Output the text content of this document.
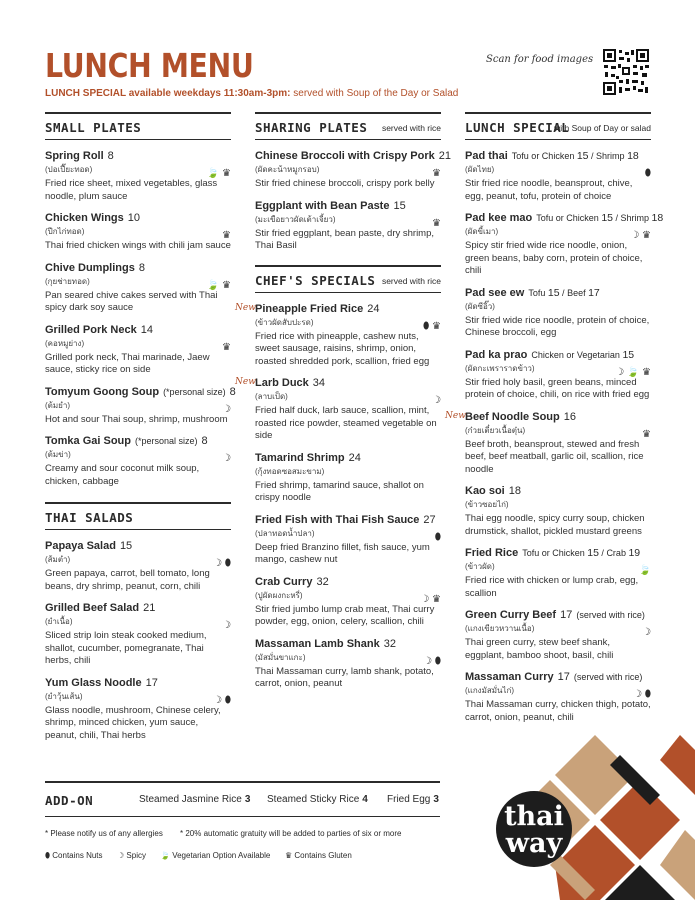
LUNCH MENU
LUNCH SPECIAL available weekdays 11:30am-3pm: served with Soup of the Day or Salad
Scan for food images
SMALL PLATES
Spring Roll 8
(ปอเปี๊ยะทอด)
Fried rice sheet, mixed vegetables, glass noodle, plum sauce
🍃 ♛
Chicken Wings 10
(ปีกไก่ทอด)
Thai fried chicken wings with chili jam sauce
♛
Chive Dumplings 8
(กุยช่ายทอด)
Pan seared chive cakes served with Thai spicy dark soy sauce
🍃 ♛
Grilled Pork Neck 14
(คอหมูย่าง)
Grilled pork neck, Thai marinade, Jaew sauce, sticky rice on side
♛
Tomyum Goong Soup (*personal size) 8
(ต้มยำ)
Hot and sour Thai soup, shrimp, mushroom
☽
Tomka Gai Soup (*personal size) 8
(ต้มข่า)
Creamy and sour coconut milk soup, chicken, cabbage
☽
THAI SALADS
Papaya Salad 15
(ส้มตำ)
Green papaya, carrot, bell tomato, long beans, dry shrimp, peanut, corn, chili
☽ ⬮
Grilled Beef Salad 21
(ยำเนื้อ)
Sliced strip loin steak cooked medium, shallot, cucumber, pomegranate, Thai herbs, chili
☽
Yum Glass Noodle 17
(ยำวุ้นเส้น)
Glass noodle, mushroom, Chinese celery, shrimp, minced chicken, yum sauce, peanut, chili, Thai herbs
☽ ⬮
SHARING PLATES served with rice
Chinese Broccoli with Crispy Pork 21
(ผัดคะน้าหมูกรอบ)
Stir fried chinese broccoli, crispy pork belly
♛
Eggplant with Bean Paste 15
(มะเขือยาวผัดเต้าเจี้ยว)
Stir fried eggplant, bean paste, dry shrimp, Thai Basil
♛
CHEF'S SPECIALS served with rice
New Pineapple Fried Rice 24
(ข้าวผัดสับปะรด)
Fried rice with pineapple, cashew nuts, sweet sausage, raisins, shrimp, onion, roasted shredded pork, scallion, fried egg
⬮ ♛
New Larb Duck 34
(ลาบเป็ด)
Fried half duck, larb sauce, scallion, mint, roasted rice powder, steamed vegetable on side
☽
Tamarind Shrimp 24
(กุ้งทอดซอสมะขาม)
Fried shrimp, tamarind sauce, shallot on crispy noodle
Fried Fish with Thai Fish Sauce 27
(ปลาทอดน้ำปลา)
Deep fried Branzino fillet, fish sauce, yum mango, cashew nut
⬮
Crab Curry 32
(ปูผัดผงกะหรี่)
Stir fried jumbo lump crab meat, Thai curry powder, egg, onion, celery, scallion, chili
☽ ♛
Massaman Lamb Shank 32
(มัสมั่นขาแกะ)
Thai Massaman curry, lamb shank, potato, carrot, onion, peanut
☽ ⬮
LUNCH SPECIAL
with Soup of Day or salad
Pad thai Tofu or Chicken 15 / Shrimp 18
(ผัดไทย)
Stir fried rice noodle, beansprout, chive, egg, peanut, tofu, protein of choice
⬮
Pad kee mao Tofu or Chicken 15 / Shrimp 18
(ผัดขี้เมา)
Spicy stir fried wide rice noodle, onion, green beans, baby corn, protein of choice, chili
☽ ♛
Pad see ew Tofu 15 / Beef 17
(ผัดซีอิ๊ว)
Stir fried wide rice noodle, protein of choice, Chinese broccoli, egg
Pad ka prao Chicken or Vegetarian 15
(ผัดกะเพราราดข้าว)
Stir fried holy basil, green beans, minced protein of choice, chili, on rice with fried egg
☽ 🍃 ♛
New Beef Noodle Soup 16
(ก๋วยเตี๋ยวเนื้อตุ๋น)
Beef broth, beansprout, stewed and fresh beef, beef meatball, garlic oil, scallion, rice noodle
♛
Kao soi 18
(ข้าวซอยไก่)
Thai egg noodle, spicy curry soup, chicken drumstick, shallot, pickled mustard greens
Fried Rice Tofu or Chicken 15 / Crab 19
(ข้าวผัด)
Fried rice with chicken or lump crab, egg, scallion
🍃
Green Curry Beef 17 (served with rice)
(แกงเขียวหวานเนื้อ)
Thai green curry, stew beef shank, eggplant, bamboo shoot, basil, chili
☽
Massaman Curry 17 (served with rice)
(แกงมัสมั่นไก่)
Thai Massaman curry, chicken thigh, potato, carrot, onion, peanut, chili
☽ ⬮
ADD-ON	Steamed Jasmine Rice 3 Steamed Sticky Rice 4 Fried Egg 3
* Please notify us of any allergies * 20% automatic gratuity will be added to parties of six or more
⬮ Contains Nuts ☽ Spicy 🍃 Vegetarian Option Available ♛ Contains Gluten
thai
way
